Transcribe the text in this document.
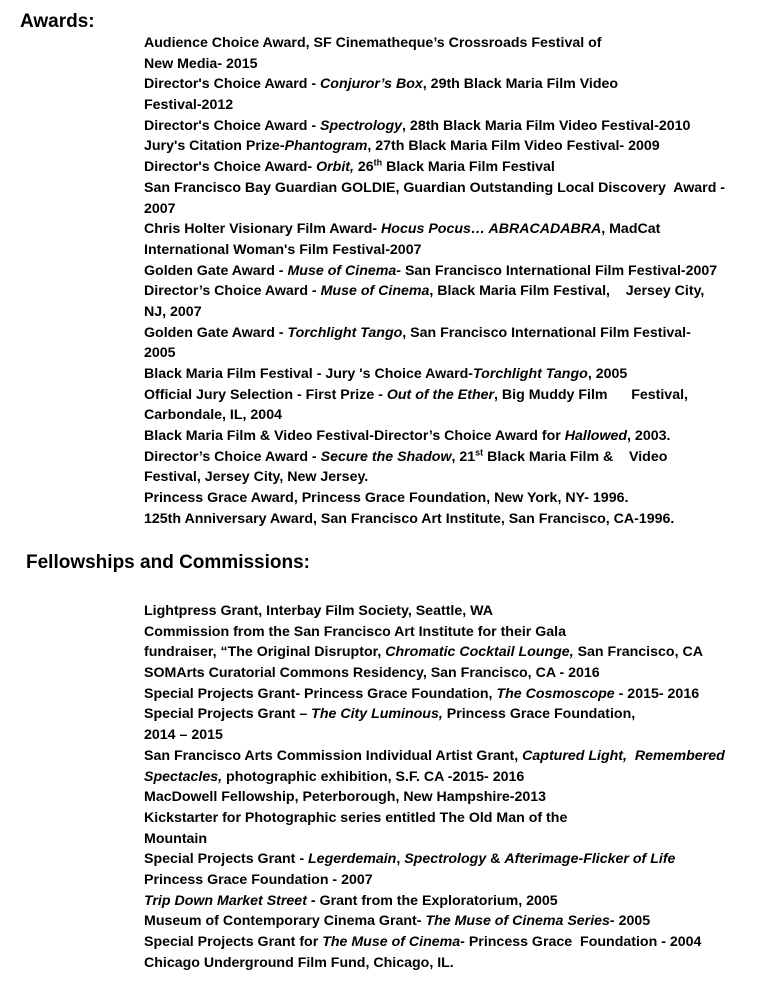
Awards:
Audience Choice Award, SF Cinematheque’s Crossroads Festival of
New Media- 2015
Director's Choice Award - Conjuror’s Box, 29th Black Maria Film Video
Festival-2012
Director's Choice Award - Spectrology, 28th Black Maria Film Video Festival-2010
Jury's Citation Prize-Phantogram, 27th Black Maria Film Video Festival- 2009
Director's Choice Award- Orbit, 26th Black Maria Film Festival
San Francisco Bay Guardian GOLDIE, Guardian Outstanding Local Discovery  Award -
2007
Chris Holter Visionary Film Award- Hocus Pocus… ABRACADABRA, MadCat
International Woman's Film Festival-2007
Golden Gate Award - Muse of Cinema- San Francisco International Film Festival-2007
Director’s Choice Award - Muse of Cinema, Black Maria Film Festival,    Jersey City,
NJ, 2007
Golden Gate Award - Torchlight Tango, San Francisco International Film Festival-
2005
Black Maria Film Festival - Jury 's Choice Award-Torchlight Tango, 2005
Official Jury Selection - First Prize - Out of the Ether, Big Muddy Film      Festival,
Carbondale, IL, 2004
Black Maria Film & Video Festival-Director’s Choice Award for Hallowed, 2003.
Director’s Choice Award - Secure the Shadow, 21st Black Maria Film &    Video
Festival, Jersey City, New Jersey.
Princess Grace Award, Princess Grace Foundation, New York, NY- 1996.
125th Anniversary Award, San Francisco Art Institute, San Francisco, CA-1996.
Fellowships and Commissions:
Lightpress Grant, Interbay Film Society, Seattle, WA
Commission from the San Francisco Art Institute for their Gala
fundraiser, “The Original Disruptor, Chromatic Cocktail Lounge, San Francisco, CA
SOMArts Curatorial Commons Residency, San Francisco, CA - 2016
Special Projects Grant- Princess Grace Foundation, The Cosmoscope - 2015- 2016
Special Projects Grant – The City Luminous, Princess Grace Foundation,
2014 – 2015
San Francisco Arts Commission Individual Artist Grant, Captured Light,  Remembered
Spectacles, photographic exhibition, S.F. CA -2015- 2016
MacDowell Fellowship, Peterborough, New Hampshire-2013
Kickstarter for Photographic series entitled The Old Man of the
Mountain
Special Projects Grant - Legerdemain, Spectrology & Afterimage-Flicker of Life
Princess Grace Foundation - 2007
Trip Down Market Street - Grant from the Exploratorium, 2005
Museum of Contemporary Cinema Grant- The Muse of Cinema Series- 2005
Special Projects Grant for The Muse of Cinema- Princess Grace  Foundation - 2004
Chicago Underground Film Fund, Chicago, IL.
